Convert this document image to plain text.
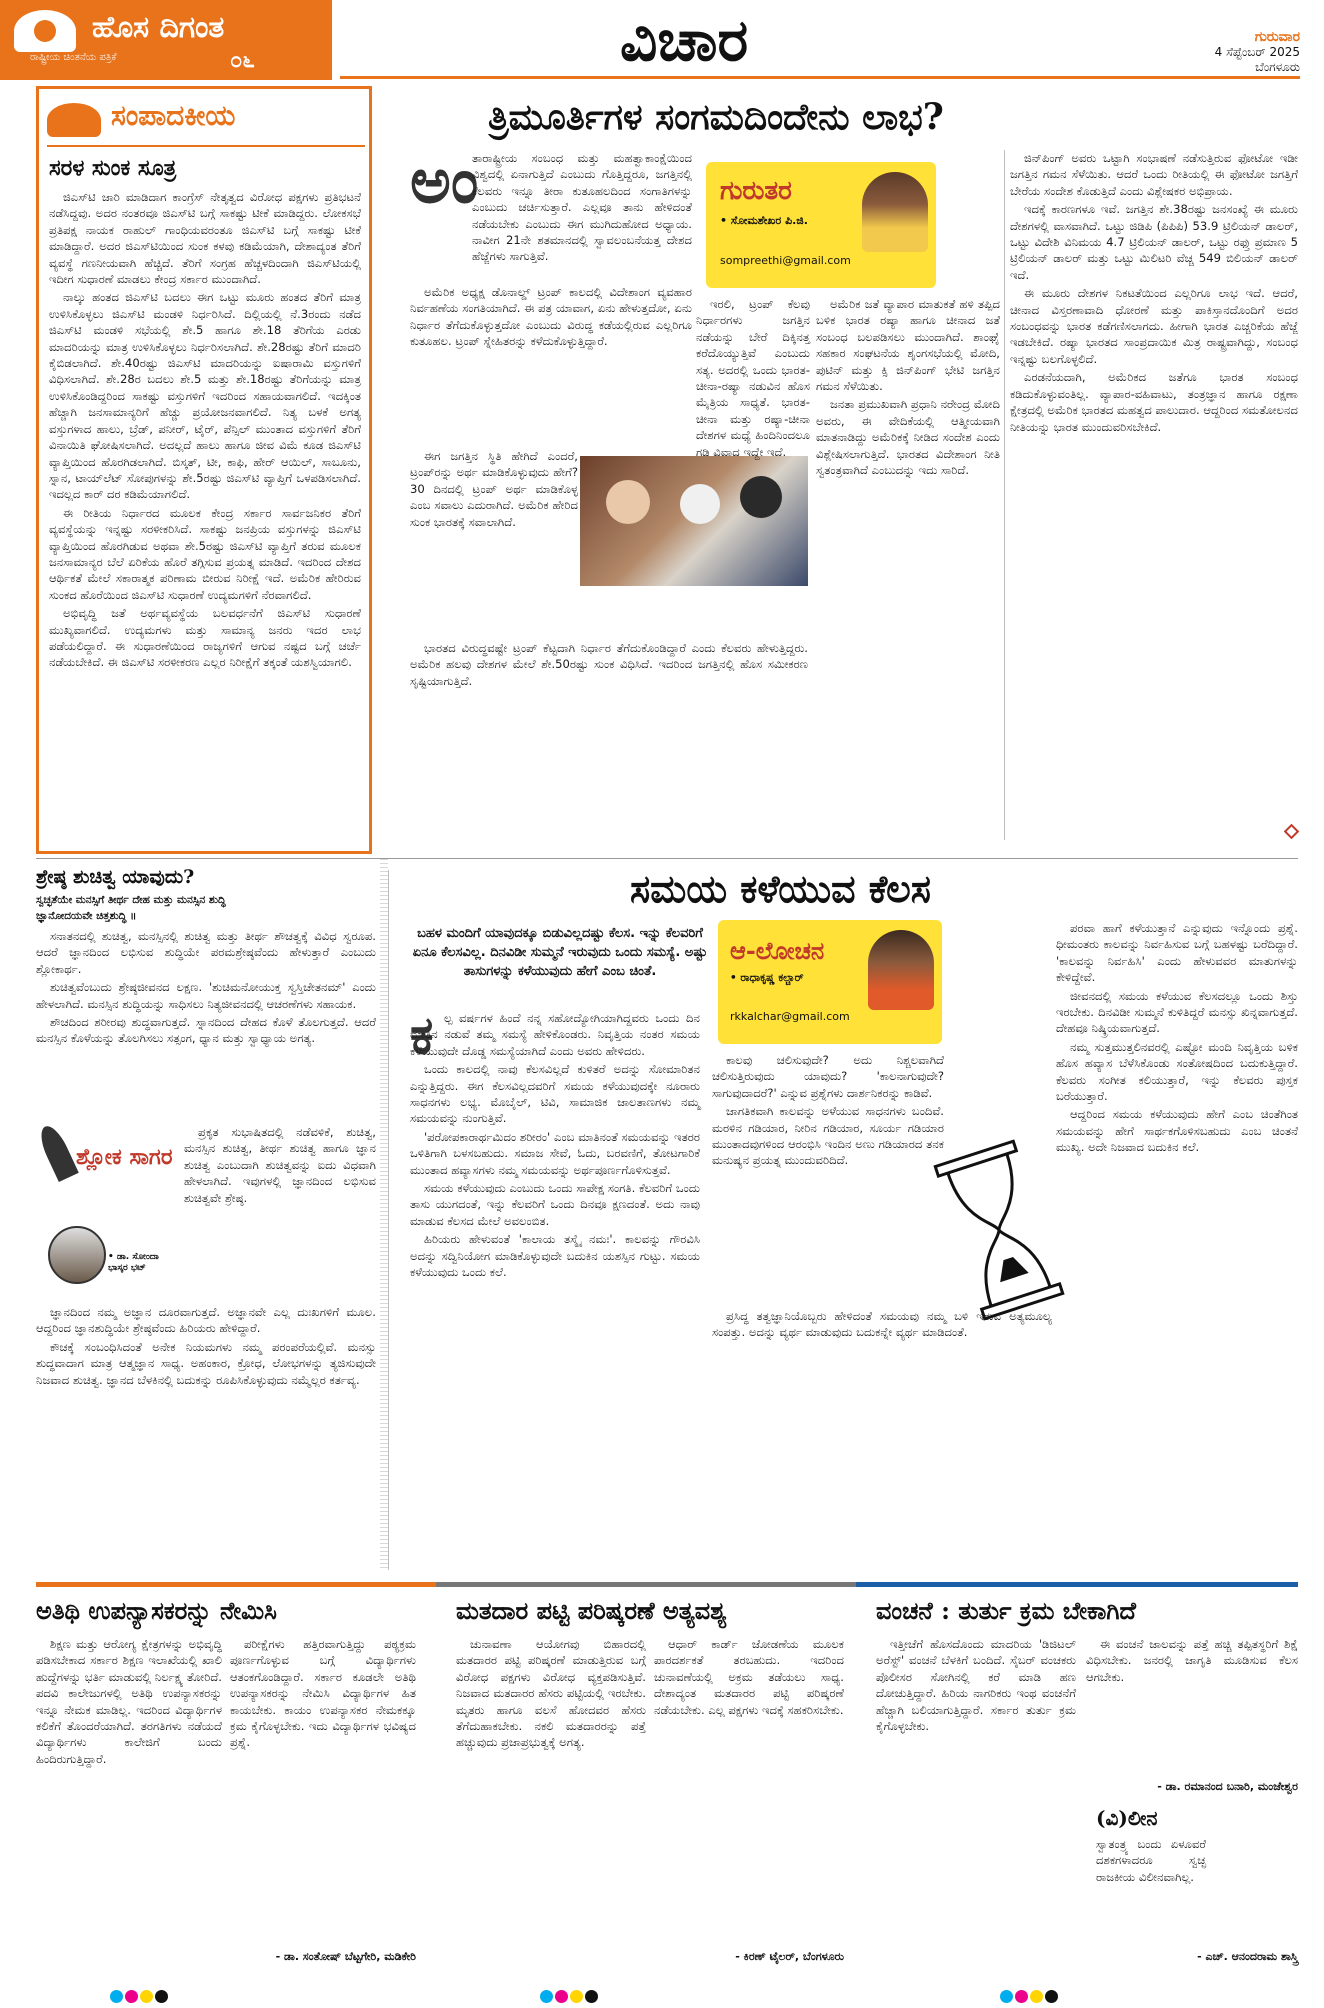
ಹೊಸ ದಿಗಂತ
ರಾಷ್ಟ್ರೀಯ ಚಿಂತನೆಯ ಪತ್ರಿಕೆ	೦೬	ವಿಚಾರ	ಗುರುವಾರ
4 ಸೆಪ್ಟೆಂಬರ್ 2025
ಬೆಂಗಳೂರು
ಸಂಪಾದಕೀಯ
ಸರಳ ಸುಂಕ ಸೂತ್ರ

ಜಿಎಸ್‌ಟಿ ಜಾರಿ ಮಾಡಿದಾಗ ಕಾಂಗ್ರೆಸ್ ನೇತೃತ್ವದ ವಿರೋಧ ಪಕ್ಷಗಳು ಪ್ರತಿಭಟನೆ ನಡೆಸಿದ್ದವು. ಅದರ ನಂತರವೂ ಜಿಎಸ್‌ಟಿ ಬಗ್ಗೆ ಸಾಕಷ್ಟು ಟೀಕೆ ಮಾಡಿದ್ದರು. ಲೋಕಸಭೆ ಪ್ರತಿಪಕ್ಷ ನಾಯಕ ರಾಹುಲ್ ಗಾಂಧಿಯವರಂತೂ ಜಿಎಸ್‌ಟಿ ಬಗ್ಗೆ ಸಾಕಷ್ಟು ಟೀಕೆ ಮಾಡಿದ್ದಾರೆ. ಅದರ ಜಿಎಸ್‌ಟಿಯಿಂದ ಸುಂಕ ಕಳವು ಕಡಿಮೆಯಾಗಿ, ದೇಶಾದ್ಯಂತ ತೆರಿಗೆ ವ್ಯವಸ್ಥೆ ಗಣನೀಯವಾಗಿ ಹೆಚ್ಚಿದೆ. ತೆರಿಗೆ ಸಂಗ್ರಹ ಹೆಚ್ಚಳದಿಂದಾಗಿ ಜಿಎಸ್‌ಟಿಯಲ್ಲಿ ಇದೀಗ ಸುಧಾರಣೆ ಮಾಡಲು ಕೇಂದ್ರ ಸರ್ಕಾರ ಮುಂದಾಗಿದೆ.

ನಾಲ್ಕು ಹಂತದ ಜಿಎಸ್‌ಟಿ ಬದಲು ಈಗ ಒಟ್ಟು ಮೂರು ಹಂತದ ತೆರಿಗೆ ಮಾತ್ರ ಉಳಿಸಿಕೊಳ್ಳಲು ಜಿಎಸ್‌ಟಿ ಮಂಡಳಿ ನಿರ್ಧರಿಸಿದೆ. ದಿಲ್ಲಿಯಲ್ಲಿ ನೆ.3ರಂದು ನಡೆದ ಜಿಎಸ್‌ಟಿ ಮಂಡಳಿ ಸಭೆಯಲ್ಲಿ ಶೇ.5 ಹಾಗೂ ಶೇ.18 ತೆರಿಗೆಯ ಎರಡು ಮಾದರಿಯನ್ನು ಮಾತ್ರ ಉಳಿಸಿಕೊಳ್ಳಲು ನಿರ್ಧರಿಸಲಾಗಿದೆ. ಶೇ.28ರಷ್ಟು ತೆರಿಗೆ ಮಾದರಿ ಕೈಬಿಡಲಾಗಿದೆ. ಶೇ.40ರಷ್ಟು ಜಿಎಸ್‌ಟಿ ಮಾದರಿಯನ್ನು ಐಷಾರಾಮಿ ವಸ್ತುಗಳಿಗೆ ವಿಧಿಸಲಾಗಿದೆ. ಶೇ.28ರ ಬದಲು ಶೇ.5 ಮತ್ತು ಶೇ.18ರಷ್ಟು ತೆರಿಗೆಯನ್ನು ಮಾತ್ರ ಉಳಿಸಿಕೊಂಡಿದ್ದರಿಂದ ಸಾಕಷ್ಟು ವಸ್ತುಗಳಿಗೆ ಇದರಿಂದ ಸಹಾಯವಾಗಲಿದೆ. ಇದಕ್ಕಿಂತ ಹೆಚ್ಚಾಗಿ ಜನಸಾಮಾನ್ಯರಿಗೆ ಹೆಚ್ಚು ಪ್ರಯೋಜನವಾಗಲಿದೆ. ನಿತ್ಯ ಬಳಕೆ ಅಗತ್ಯ ವಸ್ತುಗಳಾದ ಹಾಲು, ಬ್ರೆಡ್, ಪನೀರ್, ಟೈರ್, ಪೆನ್ಸಿಲ್ ಮುಂತಾದ ವಸ್ತುಗಳಿಗೆ ತೆರಿಗೆ ವಿನಾಯಿತಿ ಘೋಷಿಸಲಾಗಿದೆ. ಅದಲ್ಲದೆ ಹಾಲು ಹಾಗೂ ಜೀವ ವಿಮೆ ಕೂಡ ಜಿಎಸ್‌ಟಿ ವ್ಯಾಪ್ತಿಯಿಂದ ಹೊರಗಿಡಲಾಗಿದೆ. ಬಿಸ್ಕತ್, ಟೀ, ಕಾಫಿ, ಹೇರ್ ಆಯಿಲ್, ಸಾಬೂನು, ಸ್ನಾನ, ಟಾಯ್‌ಲೆಟ್ ಸೋಪುಗಳನ್ನು ಶೇ.5ರಷ್ಟು ಜಿಎಸ್‌ಟಿ ವ್ಯಾಪ್ತಿಗೆ ಒಳಪಡಿಸಲಾಗಿದೆ. ಇದಲ್ಲದ ಕಾರ್ ದರ ಕಡಿಮೆಯಾಗಲಿದೆ.

ಈ ರೀತಿಯ ನಿರ್ಧಾರದ ಮೂಲಕ ಕೇಂದ್ರ ಸರ್ಕಾರ ಸಾರ್ವಜನಿಕರ ತೆರಿಗೆ ವ್ಯವಸ್ಥೆಯನ್ನು ಇನ್ನಷ್ಟು ಸರಳೀಕರಿಸಿದೆ. ಸಾಕಷ್ಟು ಜನಪ್ರಿಯ ವಸ್ತುಗಳನ್ನು ಜಿಎಸ್‌ಟಿ ವ್ಯಾಪ್ತಿಯಿಂದ ಹೊರಗಿಡುವ ಅಥವಾ ಶೇ.5ರಷ್ಟು ಜಿಎಸ್‌ಟಿ ವ್ಯಾಪ್ತಿಗೆ ತರುವ ಮೂಲಕ ಜನಸಾಮಾನ್ಯರ ಬೆಲೆ ಏರಿಕೆಯ ಹೊರೆ ತಗ್ಗಿಸುವ ಪ್ರಯತ್ನ ಮಾಡಿದೆ. ಇದರಿಂದ ದೇಶದ ಆರ್ಥಿಕತೆ ಮೇಲೆ ಸಕಾರಾತ್ಮಕ ಪರಿಣಾಮ ಬೀರುವ ನಿರೀಕ್ಷೆ ಇದೆ. ಅಮೆರಿಕ ಹೇರಿರುವ ಸುಂಕದ ಹೊರೆಯಿಂದ ಜಿಎಸ್‌ಟಿ ಸುಧಾರಣೆ ಉದ್ಯಮಗಳಿಗೆ ನೆರವಾಗಲಿದೆ.

ಅಭಿವೃದ್ಧಿ ಜತೆ ಅರ್ಥವ್ಯವಸ್ಥೆಯ ಬಲವರ್ಧನೆಗೆ ಜಿಎಸ್‌ಟಿ ಸುಧಾರಣೆ ಮುಖ್ಯವಾಗಲಿದೆ. ಉದ್ಯಮಗಳು ಮತ್ತು ಸಾಮಾನ್ಯ ಜನರು ಇದರ ಲಾಭ ಪಡೆಯಲಿದ್ದಾರೆ. ಈ ಸುಧಾರಣೆಯಿಂದ ರಾಜ್ಯಗಳಿಗೆ ಆಗುವ ನಷ್ಟದ ಬಗ್ಗೆ ಚರ್ಚೆ ನಡೆಯಬೇಕಿದೆ. ಈ ಜಿಎಸ್‌ಟಿ ಸರಳೀಕರಣ ಎಲ್ಲರ ನಿರೀಕ್ಷೆಗೆ ತಕ್ಕಂತೆ ಯಶಸ್ವಿಯಾಗಲಿ.

ತ್ರಿಮೂರ್ತಿಗಳ ಸಂಗಮದಿಂದೇನು ಲಾಭ?
ಅಂ

ತಾರಾಷ್ಟ್ರೀಯ ಸಂಬಂಧ ಮತ್ತು ಮಹತ್ವಾಕಾಂಕ್ಷೆಯಿಂದ ವಿಶ್ವದಲ್ಲಿ ಏನಾಗುತ್ತಿದೆ ಎಂಬುದು ಗೊತ್ತಿದ್ದರೂ, ಜಗತ್ತಿನಲ್ಲಿ ಕೆಲವರು ಇನ್ನೂ ತೀರಾ ಕುತೂಹಲದಿಂದ ಸಂಗಾತಿಗಳನ್ನು ಎಂಬುದು ಚರ್ಚಿಸುತ್ತಾರೆ. ಎಲ್ಲವೂ ತಾನು ಹೇಳಿದಂತೆ ನಡೆಯಬೇಕು ಎಂಬುದು ಈಗ ಮುಗಿದುಹೋದ ಅಧ್ಯಾಯ. ನಾವೀಗ 21ನೇ ಶತಮಾನದಲ್ಲಿ ಸ್ವಾವಲಂಬನೆಯತ್ತ ದೇಶದ ಹೆಜ್ಜೆಗಳು ಸಾಗುತ್ತಿವೆ.

ಅಮೆರಿಕ ಅಧ್ಯಕ್ಷ ಡೊನಾಲ್ಡ್ ಟ್ರಂಪ್ ಕಾಲದಲ್ಲಿ ವಿದೇಶಾಂಗ ವ್ಯವಹಾರ ನಿರ್ವಹಣೆಯ ಸಂಗತಿಯಾಗಿದೆ. ಈ ಪತ್ರ ಯಾವಾಗ, ಏನು ಹೇಳುತ್ತದೋ, ಏನು ನಿರ್ಧಾರ ತೆಗೆದುಕೊಳ್ಳುತ್ತದೋ ಎಂಬುದು ವಿರುದ್ಧ ಕಡೆಯಲ್ಲಿರುವ ಎಲ್ಲರಿಗೂ ಕುತೂಹಲ. ಟ್ರಂಪ್ ಸ್ನೇಹಿತರನ್ನು ಕಳೆದುಕೊಳ್ಳುತ್ತಿದ್ದಾರೆ.

ಈಗ ಜಗತ್ತಿನ ಸ್ಥಿತಿ ಹೇಗಿದೆ ಎಂದರೆ, ಟ್ರಂಪ್‌ರನ್ನು ಅರ್ಥ ಮಾಡಿಕೊಳ್ಳುವುದು ಹೇಗೆ? 30 ದಿನದಲ್ಲಿ ಟ್ರಂಪ್ ಅರ್ಥ ಮಾಡಿಕೊಳ್ಳ ಎಂಬ ಸವಾಲು ಎದುರಾಗಿದೆ. ಅಮೆರಿಕ ಹೇರಿದ ಸುಂಕ ಭಾರತಕ್ಕೆ ಸವಾಲಾಗಿದೆ.

ಭಾರತದ ವಿರುದ್ಧವಷ್ಟೇ ಟ್ರಂಪ್ ಕೆಟ್ಟದಾಗಿ ನಿರ್ಧಾರ ತೆಗೆದುಕೊಂಡಿದ್ದಾರೆ ಎಂದು ಕೆಲವರು ಹೇಳುತ್ತಿದ್ದರು. ಅಮೆರಿಕ ಹಲವು ದೇಶಗಳ ಮೇಲೆ ಶೇ.50ರಷ್ಟು ಸುಂಕ ವಿಧಿಸಿದೆ. ಇದರಿಂದ ಜಗತ್ತಿನಲ್ಲಿ ಹೊಸ ಸಮೀಕರಣ ಸೃಷ್ಟಿಯಾಗುತ್ತಿದೆ.

ಗುರುತರ
• ಸೋಮಶೇಖರ ಪಿ.ಜಿ.
sompreethi@gmail.com

ಇರಲಿ, ಟ್ರಂಪ್ ಕೆಲವು ನಿರ್ಧಾರಗಳು ಜಗತ್ತಿನ ನಡೆಯನ್ನು ಬೇರೆ ದಿಕ್ಕಿನತ್ತ ಕರೆದೊಯ್ಯುತ್ತಿವೆ ಎಂಬುದು ಸತ್ಯ. ಅದರಲ್ಲಿ ಒಂದು ಭಾರತ-ಚೀನಾ-ರಷ್ಯಾ ನಡುವಿನ ಹೊಸ ಮೈತ್ರಿಯ ಸಾಧ್ಯತೆ. ಭಾರತ-ಚೀನಾ ಮತ್ತು ರಷ್ಯಾ-ಚೀನಾ ದೇಶಗಳ ಮಧ್ಯೆ ಹಿಂದಿನಿಂದಲೂ ಗಡಿ ವಿವಾದ ಇದ್ದೇ ಇದೆ.

ಅಮೆರಿಕ ಜತೆ ವ್ಯಾಪಾರ ಮಾತುಕತೆ ಹಳಿ ತಪ್ಪಿದ ಬಳಿಕ ಭಾರತ ರಷ್ಯಾ ಹಾಗೂ ಚೀನಾದ ಜತೆ ಸಂಬಂಧ ಬಲಪಡಿಸಲು ಮುಂದಾಗಿದೆ. ಶಾಂಘೈ ಸಹಕಾರ ಸಂಘಟನೆಯ ಶೃಂಗಸಭೆಯಲ್ಲಿ ಮೋದಿ, ಪುಟಿನ್ ಮತ್ತು ಕ್ಸಿ ಜಿನ್‌ಪಿಂಗ್ ಭೇಟಿ ಜಗತ್ತಿನ ಗಮನ ಸೆಳೆಯಿತು.

ಜನತಾ ಪ್ರಮುಖವಾಗಿ ಪ್ರಧಾನಿ ನರೇಂದ್ರ ಮೋದಿ ಅವರು, ಈ ವೇದಿಕೆಯಲ್ಲಿ ಆತ್ಮೀಯವಾಗಿ ಮಾತನಾಡಿದ್ದು ಅಮೆರಿಕಕ್ಕೆ ನೀಡಿದ ಸಂದೇಶ ಎಂದು ವಿಶ್ಲೇಷಿಸಲಾಗುತ್ತಿದೆ. ಭಾರತದ ವಿದೇಶಾಂಗ ನೀತಿ ಸ್ವತಂತ್ರವಾಗಿದೆ ಎಂಬುದನ್ನು ಇದು ಸಾರಿದೆ.

ಜಿನ್‌ಪಿಂಗ್ ಅವರು ಒಟ್ಟಾಗಿ ಸಂಭಾಷಣೆ ನಡೆಸುತ್ತಿರುವ ಫೋಟೋ ಇಡೀ ಜಗತ್ತಿನ ಗಮನ ಸೆಳೆಯಿತು. ಆದರೆ ಒಂದು ರೀತಿಯಲ್ಲಿ ಈ ಫೋಟೋ ಜಗತ್ತಿಗೆ ಬೇರೆಯ ಸಂದೇಶ ಕೊಡುತ್ತಿದೆ ಎಂದು ವಿಶ್ಲೇಷಕರ ಅಭಿಪ್ರಾಯ.

ಇದಕ್ಕೆ ಕಾರಣಗಳೂ ಇವೆ. ಜಗತ್ತಿನ ಶೇ.38ರಷ್ಟು ಜನಸಂಖ್ಯೆ ಈ ಮೂರು ದೇಶಗಳಲ್ಲಿ ವಾಸವಾಗಿದೆ. ಒಟ್ಟು ಜಿಡಿಪಿ (ಪಿಪಿಪಿ) 53.9 ಟ್ರಿಲಿಯನ್ ಡಾಲರ್, ಒಟ್ಟು ವಿದೇಶಿ ವಿನಿಮಯ 4.7 ಟ್ರಿಲಿಯನ್ ಡಾಲರ್, ಒಟ್ಟು ರಫ್ತು ಪ್ರಮಾಣ 5 ಟ್ರಿಲಿಯನ್ ಡಾಲರ್ ಮತ್ತು ಒಟ್ಟು ಮಿಲಿಟರಿ ವೆಚ್ಚ 549 ಬಿಲಿಯನ್ ಡಾಲರ್ ಇದೆ.

ಈ ಮೂರು ದೇಶಗಳ ನಿಕಟತೆಯಿಂದ ಎಲ್ಲರಿಗೂ ಲಾಭ ಇದೆ. ಆದರೆ, ಚೀನಾದ ವಿಸ್ತರಣಾವಾದಿ ಧೋರಣೆ ಮತ್ತು ಪಾಕಿಸ್ತಾನದೊಂದಿಗೆ ಅದರ ಸಂಬಂಧವನ್ನು ಭಾರತ ಕಡೆಗಣಿಸಲಾಗದು. ಹೀಗಾಗಿ ಭಾರತ ಎಚ್ಚರಿಕೆಯ ಹೆಜ್ಜೆ ಇಡಬೇಕಿದೆ. ರಷ್ಯಾ ಭಾರತದ ಸಾಂಪ್ರದಾಯಿಕ ಮಿತ್ರ ರಾಷ್ಟ್ರವಾಗಿದ್ದು, ಸಂಬಂಧ ಇನ್ನಷ್ಟು ಬಲಗೊಳ್ಳಲಿದೆ.

ಎರಡನೆಯದಾಗಿ, ಅಮೆರಿಕದ ಜತೆಗೂ ಭಾರತ ಸಂಬಂಧ ಕಡಿದುಕೊಳ್ಳುವಂತಿಲ್ಲ. ವ್ಯಾಪಾರ-ವಹಿವಾಟು, ತಂತ್ರಜ್ಞಾನ ಹಾಗೂ ರಕ್ಷಣಾ ಕ್ಷೇತ್ರದಲ್ಲಿ ಅಮೆರಿಕ ಭಾರತದ ಮಹತ್ವದ ಪಾಲುದಾರ. ಆದ್ದರಿಂದ ಸಮತೋಲನದ ನೀತಿಯನ್ನು ಭಾರತ ಮುಂದುವರಿಸಬೇಕಿದೆ.

ಶ್ರೇಷ್ಠ ಶುಚಿತ್ವ ಯಾವುದು?
ಸ್ವಚ್ಛತೆಯೇ ಮನಸ್ಸಿಗೆ ತೀರ್ಥ ದೇಹ ಮತ್ತು ಮನಸ್ಸಿನ ಶುದ್ಧಿ
ಜ್ಞಾನೋದಯವೇ ಚಿತ್ತಶುದ್ಧಿ ॥

ಸನಾತನದಲ್ಲಿ ಶುಚಿತ್ವ, ಮನಸ್ಸಿನಲ್ಲಿ ಶುಚಿತ್ವ ಮತ್ತು ತೀರ್ಥ ಶೌಚತ್ವಕ್ಕೆ ವಿವಿಧ ಸ್ವರೂಪ. ಆದರೆ ಜ್ಞಾನದಿಂದ ಲಭಿಸುವ ಶುದ್ಧಿಯೇ ಪರಮಶ್ರೇಷ್ಠವೆಂದು ಹೇಳುತ್ತಾರೆ ಎಂಬುದು ಶ್ಲೋಕಾರ್ಥ.

ಶುಚಿತ್ವವೆಂಬುದು ಶ್ರೇಷ್ಠಜೀವನದ ಲಕ್ಷಣ. 'ಶುಚಿಮನೋಯುಕ್ತ ಸ್ವಸ್ತಿಚೇತನಮ್' ಎಂದು ಹೇಳಲಾಗಿದೆ. ಮನಸ್ಸಿನ ಶುದ್ಧಿಯನ್ನು ಸಾಧಿಸಲು ನಿತ್ಯಜೀವನದಲ್ಲಿ ಆಚರಣೆಗಳು ಸಹಾಯಕ.

ಶೌಚದಿಂದ ಶರೀರವು ಶುದ್ಧವಾಗುತ್ತದೆ. ಸ್ನಾನದಿಂದ ದೇಹದ ಕೊಳೆ ತೊಲಗುತ್ತದೆ. ಆದರೆ ಮನಸ್ಸಿನ ಕೊಳೆಯನ್ನು ತೊಲಗಿಸಲು ಸತ್ಸಂಗ, ಧ್ಯಾನ ಮತ್ತು ಸ್ವಾಧ್ಯಾಯ ಅಗತ್ಯ.

ಶ್ಲೋಕ ಸಾಗರ
• ಡಾ. ಸೋಂದಾ ಭಾಸ್ಕರ ಭಟ್

ಪ್ರಕೃತ ಸುಭಾಷಿತದಲ್ಲಿ ನಡೆವಳಿಕೆ, ಶುಚಿತ್ವ, ಮನಸ್ಸಿನ ಶುಚಿತ್ವ, ತೀರ್ಥ ಶುಚಿತ್ವ ಹಾಗೂ ಜ್ಞಾನ ಶುಚಿತ್ವ ಎಂಬುದಾಗಿ ಶುಚಿತ್ವವನ್ನು ಐದು ವಿಧವಾಗಿ ಹೇಳಲಾಗಿದೆ. ಇವುಗಳಲ್ಲಿ ಜ್ಞಾನದಿಂದ ಲಭಿಸುವ ಶುಚಿತ್ವವೇ ಶ್ರೇಷ್ಠ.

ಜ್ಞಾನದಿಂದ ನಮ್ಮ ಅಜ್ಞಾನ ದೂರವಾಗುತ್ತದೆ. ಅಜ್ಞಾನವೇ ಎಲ್ಲ ದುಃಖಗಳಿಗೆ ಮೂಲ. ಆದ್ದರಿಂದ ಜ್ಞಾನಶುದ್ಧಿಯೇ ಶ್ರೇಷ್ಠವೆಂದು ಹಿರಿಯರು ಹೇಳಿದ್ದಾರೆ.

ಕೌಚಕ್ಕೆ ಸಂಬಂಧಿಸಿದಂತೆ ಅನೇಕ ನಿಯಮಗಳು ನಮ್ಮ ಪರಂಪರೆಯಲ್ಲಿವೆ. ಮನಸ್ಸು ಶುದ್ಧವಾದಾಗ ಮಾತ್ರ ಆತ್ಮಜ್ಞಾನ ಸಾಧ್ಯ. ಅಹಂಕಾರ, ಕ್ರೋಧ, ಲೋಭಗಳನ್ನು ತ್ಯಜಿಸುವುದೇ ನಿಜವಾದ ಶುಚಿತ್ವ. ಜ್ಞಾನದ ಬೆಳಕಿನಲ್ಲಿ ಬದುಕನ್ನು ರೂಪಿಸಿಕೊಳ್ಳುವುದು ನಮ್ಮೆಲ್ಲರ ಕರ್ತವ್ಯ.

ಸಮಯ ಕಳೆಯುವ ಕೆಲಸ
ಬಹಳ ಮಂದಿಗೆ ಯಾವುದಕ್ಕೂ ಬಿಡುವಿಲ್ಲದಷ್ಟು ಕೆಲಸ. ಇನ್ನು ಕೆಲವರಿಗೆ ಏನೂ ಕೆಲಸವಿಲ್ಲ. ದಿನವಿಡೀ ಸುಮ್ಮನೆ ಇರುವುದು ಒಂದು ಸಮಸ್ಯೆ. ಅಷ್ಟು ತಾಸುಗಳನ್ನು ಕಳೆಯುವುದು ಹೇಗೆ ಎಂಬ ಚಿಂತೆ.
ಆ-ಲೋಚನ
• ರಾಧಾಕೃಷ್ಣ ಕಲ್ಚಾರ್
rkkalchar@gmail.com
ಕ ಲ್ಪ ವರ್ಷಗಳ ಹಿಂದೆ ನನ್ನ ಸಹೋದ್ಯೋಗಿಯಾಗಿದ್ದವರು ಒಂದು ದಿನ ಮಾತಿನ ನಡುವೆ ತಮ್ಮ ಸಮಸ್ಯೆ ಹೇಳಿಕೊಂಡರು. ನಿವೃತ್ತಿಯ ನಂತರ ಸಮಯ ಕಳೆಯುವುದೇ ದೊಡ್ಡ ಸಮಸ್ಯೆಯಾಗಿದೆ ಎಂದು ಅವರು ಹೇಳಿದರು.

ಒಂದು ಕಾಲದಲ್ಲಿ ನಾವು ಕೆಲಸವಿಲ್ಲದೆ ಕುಳಿತರೆ ಅದನ್ನು ಸೋಮಾರಿತನ ಎನ್ನುತ್ತಿದ್ದರು. ಈಗ ಕೆಲಸವಿಲ್ಲದವರಿಗೆ ಸಮಯ ಕಳೆಯುವುದಕ್ಕೇ ನೂರಾರು ಸಾಧನಗಳು ಲಭ್ಯ. ಮೊಬೈಲ್, ಟಿವಿ, ಸಾಮಾಜಿಕ ಜಾಲತಾಣಗಳು ನಮ್ಮ ಸಮಯವನ್ನು ನುಂಗುತ್ತಿವೆ.

'ಪರೋಪಕಾರಾರ್ಥಮಿದಂ ಶರೀರಂ' ಎಂಬ ಮಾತಿನಂತೆ ಸಮಯವನ್ನು ಇತರರ ಒಳಿತಿಗಾಗಿ ಬಳಸಬಹುದು. ಸಮಾಜ ಸೇವೆ, ಓದು, ಬರವಣಿಗೆ, ತೋಟಗಾರಿಕೆ ಮುಂತಾದ ಹವ್ಯಾಸಗಳು ನಮ್ಮ ಸಮಯವನ್ನು ಅರ್ಥಪೂರ್ಣಗೊಳಿಸುತ್ತವೆ.

ಸಮಯ ಕಳೆಯುವುದು ಎಂಬುದು ಒಂದು ಸಾಪೇಕ್ಷ ಸಂಗತಿ. ಕೆಲವರಿಗೆ ಒಂದು ತಾಸು ಯುಗದಂತೆ, ಇನ್ನು ಕೆಲವರಿಗೆ ಒಂದು ದಿನವೂ ಕ್ಷಣದಂತೆ. ಅದು ನಾವು ಮಾಡುವ ಕೆಲಸದ ಮೇಲೆ ಅವಲಂಬಿತ.

ಹಿರಿಯರು ಹೇಳುವಂತೆ 'ಕಾಲಾಯ ತಸ್ಮೈ ನಮಃ'. ಕಾಲವನ್ನು ಗೌರವಿಸಿ ಅದನ್ನು ಸದ್ವಿನಿಯೋಗ ಮಾಡಿಕೊಳ್ಳುವುದೇ ಬದುಕಿನ ಯಶಸ್ಸಿನ ಗುಟ್ಟು. ಸಮಯ ಕಳೆಯುವುದು ಒಂದು ಕಲೆ.

ಕಾಲವು ಚಲಿಸುವುದೇ? ಅದು ನಿಶ್ಚಲವಾಗಿದೆ ಚಲಿಸುತ್ತಿರುವುದು ಯಾವುದು? 'ಕಾಲನಾಗುವುದೇ? ಸಾಗುವುದಾದರೆ?' ಎನ್ನುವ ಪ್ರಶ್ನೆಗಳು ದಾರ್ಶನಿಕರನ್ನು ಕಾಡಿವೆ.

ಜಾಗತಿಕವಾಗಿ ಕಾಲವನ್ನು ಅಳೆಯುವ ಸಾಧನಗಳು ಬಂದಿವೆ. ಮರಳಿನ ಗಡಿಯಾರ, ನೀರಿನ ಗಡಿಯಾರ, ಸೂರ್ಯ ಗಡಿಯಾರ ಮುಂತಾದವುಗಳಿಂದ ಆರಂಭಿಸಿ ಇಂದಿನ ಅಣು ಗಡಿಯಾರದ ತನಕ ಮನುಷ್ಯನ ಪ್ರಯತ್ನ ಮುಂದುವರಿದಿದೆ.

ಪ್ರಸಿದ್ಧ ತತ್ವಜ್ಞಾನಿಯೊಬ್ಬರು ಹೇಳಿದಂತೆ ಸಮಯವು ನಮ್ಮ ಬಳಿ ಇರುವ ಅತ್ಯಮೂಲ್ಯ ಸಂಪತ್ತು. ಅದನ್ನು ವ್ಯರ್ಥ ಮಾಡುವುದು ಬದುಕನ್ನೇ ವ್ಯರ್ಥ ಮಾಡಿದಂತೆ.

ಪರವಾ ಹಾಗೆ ಕಳೆಯುತ್ತಾನೆ ಎನ್ನುವುದು ಇನ್ನೊಂದು ಪ್ರಶ್ನೆ. ಧೀಮಂತರು ಕಾಲವನ್ನು ನಿರ್ವಹಿಸುವ ಬಗ್ಗೆ ಬಹಳಷ್ಟು ಬರೆದಿದ್ದಾರೆ. 'ಕಾಲವನ್ನು ನಿರ್ವಹಿಸಿ' ಎಂದು ಹೇಳುವವರ ಮಾತುಗಳನ್ನು ಕೇಳಿದ್ದೇವೆ.

ಜೀವನದಲ್ಲಿ ಸಮಯ ಕಳೆಯುವ ಕೆಲಸದಲ್ಲೂ ಒಂದು ಶಿಸ್ತು ಇರಬೇಕು. ದಿನವಿಡೀ ಸುಮ್ಮನೆ ಕುಳಿತಿದ್ದರೆ ಮನಸ್ಸು ಖಿನ್ನವಾಗುತ್ತದೆ. ದೇಹವೂ ನಿಷ್ಕ್ರಿಯವಾಗುತ್ತದೆ.

ನಮ್ಮ ಸುತ್ತಮುತ್ತಲಿನವರಲ್ಲಿ ಎಷ್ಟೋ ಮಂದಿ ನಿವೃತ್ತಿಯ ಬಳಿಕ ಹೊಸ ಹವ್ಯಾಸ ಬೆಳೆಸಿಕೊಂಡು ಸಂತೋಷದಿಂದ ಬದುಕುತ್ತಿದ್ದಾರೆ. ಕೆಲವರು ಸಂಗೀತ ಕಲಿಯುತ್ತಾರೆ, ಇನ್ನು ಕೆಲವರು ಪುಸ್ತಕ ಬರೆಯುತ್ತಾರೆ.

ಆದ್ದರಿಂದ ಸಮಯ ಕಳೆಯುವುದು ಹೇಗೆ ಎಂಬ ಚಿಂತೆಗಿಂತ ಸಮಯವನ್ನು ಹೇಗೆ ಸಾರ್ಥಕಗೊಳಿಸಬಹುದು ಎಂಬ ಚಿಂತನೆ ಮುಖ್ಯ. ಅದೇ ನಿಜವಾದ ಬದುಕಿನ ಕಲೆ.

ಅತಿಥಿ ಉಪನ್ಯಾಸಕರನ್ನು ನೇಮಿಸಿ

ಶಿಕ್ಷಣ ಮತ್ತು ಆರೋಗ್ಯ ಕ್ಷೇತ್ರಗಳನ್ನು ಅಭಿವೃದ್ಧಿ ಪಡಿಸಬೇಕಾದ ಸರ್ಕಾರ ಶಿಕ್ಷಣ ಇಲಾಖೆಯಲ್ಲಿ ಖಾಲಿ ಹುದ್ದೆಗಳನ್ನು ಭರ್ತಿ ಮಾಡುವಲ್ಲಿ ನಿರ್ಲಕ್ಷ್ಯ ತೋರಿದೆ. ಪದವಿ ಕಾಲೇಜುಗಳಲ್ಲಿ ಅತಿಥಿ ಉಪನ್ಯಾಸಕರನ್ನು ಇನ್ನೂ ನೇಮಕ ಮಾಡಿಲ್ಲ. ಇದರಿಂದ ವಿದ್ಯಾರ್ಥಿಗಳ ಕಲಿಕೆಗೆ ತೊಂದರೆಯಾಗಿದೆ. ತರಗತಿಗಳು ನಡೆಯದೆ ವಿದ್ಯಾರ್ಥಿಗಳು ಕಾಲೇಜಿಗೆ ಬಂದು ಹಿಂದಿರುಗುತ್ತಿದ್ದಾರೆ.

ಪರೀಕ್ಷೆಗಳು ಹತ್ತಿರವಾಗುತ್ತಿದ್ದು ಪಠ್ಯಕ್ರಮ ಪೂರ್ಣಗೊಳ್ಳುವ ಬಗ್ಗೆ ವಿದ್ಯಾರ್ಥಿಗಳು ಆತಂಕಗೊಂಡಿದ್ದಾರೆ. ಸರ್ಕಾರ ಕೂಡಲೇ ಅತಿಥಿ ಉಪನ್ಯಾಸಕರನ್ನು ನೇಮಿಸಿ ವಿದ್ಯಾರ್ಥಿಗಳ ಹಿತ ಕಾಯಬೇಕು. ಕಾಯಂ ಉಪನ್ಯಾಸಕರ ನೇಮಕಕ್ಕೂ ಕ್ರಮ ಕೈಗೊಳ್ಳಬೇಕು. ಇದು ವಿದ್ಯಾರ್ಥಿಗಳ ಭವಿಷ್ಯದ ಪ್ರಶ್ನೆ.

- ಡಾ. ಸಂತೋಷ್ ಬೆಟ್ಟಗೇರಿ, ಮಡಿಕೇರಿ
ಮತದಾರ ಪಟ್ಟಿ ಪರಿಷ್ಕರಣೆ ಅತ್ಯವಶ್ಯ

ಚುನಾವಣಾ ಆಯೋಗವು ಬಿಹಾರದಲ್ಲಿ ಮತದಾರರ ಪಟ್ಟಿ ಪರಿಷ್ಕರಣೆ ಮಾಡುತ್ತಿರುವ ಬಗ್ಗೆ ವಿರೋಧ ಪಕ್ಷಗಳು ವಿರೋಧ ವ್ಯಕ್ತಪಡಿಸುತ್ತಿವೆ. ನಿಜವಾದ ಮತದಾರರ ಹೆಸರು ಪಟ್ಟಿಯಲ್ಲಿ ಇರಬೇಕು. ಮೃತರು ಹಾಗೂ ವಲಸೆ ಹೋದವರ ಹೆಸರು ತೆಗೆದುಹಾಕಬೇಕು. ನಕಲಿ ಮತದಾರರನ್ನು ಪತ್ತೆ ಹಚ್ಚುವುದು ಪ್ರಜಾಪ್ರಭುತ್ವಕ್ಕೆ ಅಗತ್ಯ.

ಆಧಾರ್ ಕಾರ್ಡ್ ಜೋಡಣೆಯ ಮೂಲಕ ಪಾರದರ್ಶಕತೆ ತರಬಹುದು. ಇದರಿಂದ ಚುನಾವಣೆಯಲ್ಲಿ ಅಕ್ರಮ ತಡೆಯಲು ಸಾಧ್ಯ. ದೇಶಾದ್ಯಂತ ಮತದಾರರ ಪಟ್ಟಿ ಪರಿಷ್ಕರಣೆ ನಡೆಯಬೇಕು. ಎಲ್ಲ ಪಕ್ಷಗಳು ಇದಕ್ಕೆ ಸಹಕರಿಸಬೇಕು.

- ಕಿರಣ್ ಟೈಲರ್, ಬೆಂಗಳೂರು
ವಂಚನೆ : ತುರ್ತು ಕ್ರಮ ಬೇಕಾಗಿದೆ

ಇತ್ತೀಚೆಗೆ ಹೊಸದೊಂದು ಮಾದರಿಯ 'ಡಿಜಿಟಲ್ ಅರೆಸ್ಟ್' ವಂಚನೆ ಬೆಳಕಿಗೆ ಬಂದಿದೆ. ಸೈಬರ್ ವಂಚಕರು ಪೊಲೀಸರ ಸೋಗಿನಲ್ಲಿ ಕರೆ ಮಾಡಿ ಹಣ ದೋಚುತ್ತಿದ್ದಾರೆ. ಹಿರಿಯ ನಾಗರಿಕರು ಇಂಥ ವಂಚನೆಗೆ ಹೆಚ್ಚಾಗಿ ಬಲಿಯಾಗುತ್ತಿದ್ದಾರೆ. ಸರ್ಕಾರ ತುರ್ತು ಕ್ರಮ ಕೈಗೊಳ್ಳಬೇಕು.

ಈ ವಂಚನೆ ಜಾಲವನ್ನು ಪತ್ತೆ ಹಚ್ಚಿ ತಪ್ಪಿತಸ್ಥರಿಗೆ ಶಿಕ್ಷೆ ವಿಧಿಸಬೇಕು. ಜನರಲ್ಲಿ ಜಾಗೃತಿ ಮೂಡಿಸುವ ಕೆಲಸ ಆಗಬೇಕು.

- ಡಾ. ರಮಾನಂದ ಬನಾರಿ, ಮಂಜೇಶ್ವರ
(ವಿ)ಲೀನ

ಸ್ವಾತಂತ್ರ್ಯ ಬಂದು ಏಳೂವರೆ ದಶಕಗಳಾದರೂ ಸ್ವಚ್ಛ ರಾಜಕೀಯ ವಿಲೀನವಾಗಿಲ್ಲ.

- ಎಚ್. ಆನಂದರಾಮ ಶಾಸ್ತ್ರಿ
